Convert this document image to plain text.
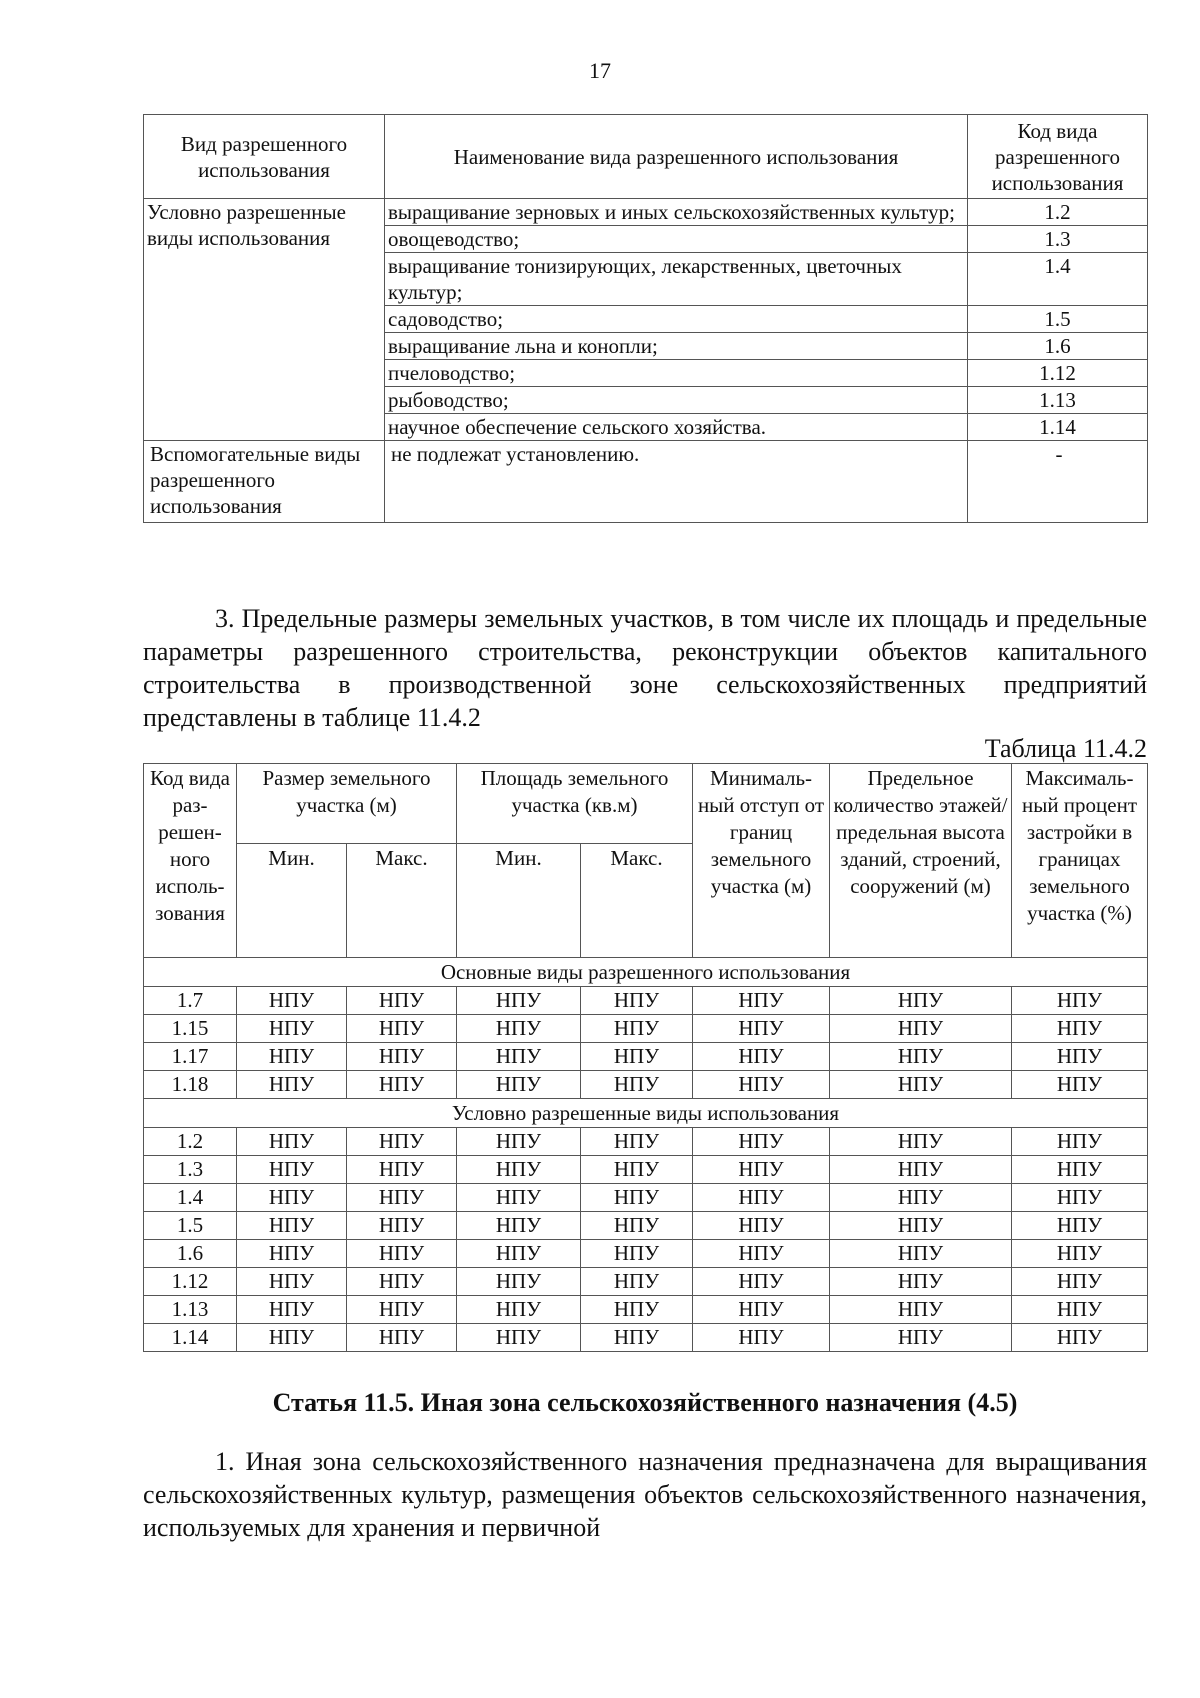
17
Вид разрешенного использования	Наименование вида разрешенного использования	Код вида разрешенного использования
Условно разрешенные виды использования	выращивание зерновых и иных сельскохозяйственных культур;	1.2
	овощеводство;	1.3
	выращивание тонизирующих, лекарственных, цветочных культур;	1.4
	садоводство;	1.5
	выращивание льна и конопли;	1.6
	пчеловодство;	1.12
	рыбоводство;	1.13
	научное обеспечение сельского хозяйства.	1.14
Вспомогательные виды разрешенного использования	не подлежат установлению.	-
3. Предельные размеры земельных участков, в том числе их площадь и предельные параметры разрешенного строительства, реконструкции объектов капитального строительства в производственной зоне сельскохозяйственных предприятий представлены в таблице 11.4.2
Таблица 11.4.2
Код вида раз-решен-ного исполь-зования	Размер земельного участка (м)		Площадь земельного участка (кв.м)		Минималь-ный отступ от границ земельного участка (м)	Предельное количество этажей/ предельная высота зданий, строений, сооружений (м)	Максималь-ный процент застройки в границах земельного участка (%)
	Мин.	Макс.	Мин.	Макс.			
Основные виды разрешенного использования							
1.7	НПУ	НПУ	НПУ	НПУ	НПУ	НПУ	НПУ
1.15	НПУ	НПУ	НПУ	НПУ	НПУ	НПУ	НПУ
1.17	НПУ	НПУ	НПУ	НПУ	НПУ	НПУ	НПУ
1.18	НПУ	НПУ	НПУ	НПУ	НПУ	НПУ	НПУ
Условно разрешенные виды использования							
1.2	НПУ	НПУ	НПУ	НПУ	НПУ	НПУ	НПУ
1.3	НПУ	НПУ	НПУ	НПУ	НПУ	НПУ	НПУ
1.4	НПУ	НПУ	НПУ	НПУ	НПУ	НПУ	НПУ
1.5	НПУ	НПУ	НПУ	НПУ	НПУ	НПУ	НПУ
1.6	НПУ	НПУ	НПУ	НПУ	НПУ	НПУ	НПУ
1.12	НПУ	НПУ	НПУ	НПУ	НПУ	НПУ	НПУ
1.13	НПУ	НПУ	НПУ	НПУ	НПУ	НПУ	НПУ
1.14	НПУ	НПУ	НПУ	НПУ	НПУ	НПУ	НПУ
Статья 11.5. Иная зона сельскохозяйственного назначения (4.5)
1. Иная зона сельскохозяйственного назначения предназначена для выращивания сельскохозяйственных культур, размещения объектов сельскохозяйственного назначения, используемых для хранения и первичной
